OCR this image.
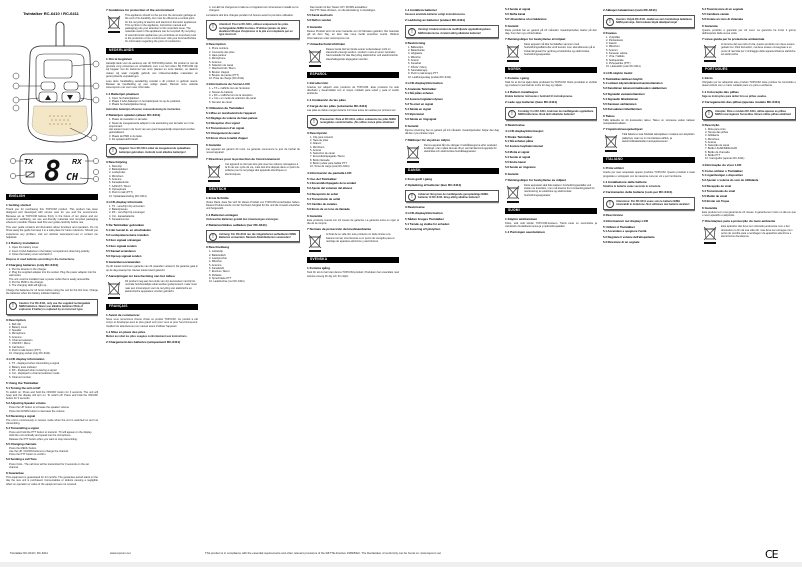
Twintalker RC-6410 / RC-6411
TX	RX
8 CH
ENGLISH
1 Getting started

Thank you for purchasing this TOPCOM product. This product has been designed and developed with utmost care for you and the environment. Because we at TOPCOM believe firmly in the future of our planet and our customers' wellbeing, we use eco-friendly materials and recycled packaging wherever possible. Please read this user guide carefully before use.

This user guide contains all information about functions and operation. Do not throw away the guide but keep it in a safe place for future reference. Should you experience any problem, visit our website www.topcom.net or contact our helpdesk.

1.1 Battery installation
1. Open the battery cover.
2. Insert 3 AAA batteries in the battery compartment observing polarity.
3. Close the battery cover and latch it.

Dispose of used batteries according to the instructions.

2 Charging batteries (only RC-6411)
1. Put the devices in the charger.
2. Plug the supplied adapter into the socket. Plug the power adapter into the wall outlet.
The unit must be installed near a power outlet that is easily accessible.
3. Put the PMR in the charger.
4. The charging LED will light up.

Charge the batteries for 14 hours before using the unit for the first time. Charge the batteries when the battery indicator flashes.

!	Caution: For RC-6411, only use the supplied rechargeable NiMH batteries. Never use alkaline batteries! Risk of explosion if battery is replaced by an incorrect type.
3 Description
1. Belt clip
2. Battery cover
3. Speaker
4. Microphone
5. Antenna
6. Channel selection
7. ON/OFF / Menu
8. Call button
9. Push to talk button (PTT)
10. Charging socket (only RC-6411)
4 LCD display information
1. TX - displayed when transmitting a signal
2. Battery level indicator
3. RX - displayed when receiving a signal
4. CH - displayed in channel selection mode
5. Channel number
5 Using the Twintalker
5.1 Turning the unit on/off

To switch on: Press and hold the ON/OFF button for 3 seconds. The unit will beep and the display will turn on. To switch off: Press and hold the ON/OFF button for 3 seconds.

5.2 Adjusting Speaker volume
Press the UP button to increase the speaker volume.
Press the DOWN button to decrease the volume.
5.3 Receiving a signal

The unit is continuously in receive mode when the unit is switched on and not transmitting.

5.4 Transmitting a signal
Press and hold the PTT button to transmit. TX will appear on the display.
Hold the unit vertically and speak into the microphone.
Release the PTT button when you want to stop transmitting.
5.5 Changing channels
Press the MENU button.
Use the UP / DOWN buttons to change the channel.
Press the PTT button to confirm.
5.6 Sending a call Tone
Press CALL. The call tone will be transmitted for 3 seconds on the set channel.
6 Guarantee

This equipment is guaranteed for 24 months. The guarantee period starts on the day the new unit is purchased. Consumables or defects causing a negligible effect on operation or value of the equipment are not covered.

7 Guidelines for protection of the environment
This appliance should not be put into the domestic garbage at the end of its durability, but must be offered at a central point for the recycling of electric and electronic domestic appliances. This symbol on the appliance, instruction manual and packaging puts your attention to this important issue. The materials used in this appliance can be recycled. By recycling of used domestic appliances you contribute an important push to the protection of our environment. Ask your local authorities for information regarding the point of recollection.
NEDERLANDS
1 Om te beginnen

Hartelijk dank voor de aankoop van dit TOPCOM-product. Dit product is met de grootste zorg ontworpen en ontwikkeld, voor u en het milieu. Bij TOPCOM zijn wij begaan met de toekomst van onze planeet en onze klanten, en daarom maken wij waar mogelijk gebruik van milieuvriendelijke materialen en gerecycleerde verpakkingen.

Lees deze handleiding aandachtig voordat u dit product in gebruik neemt. Bewaar de handleiding op een veilige plaats. Bezoek onze website www.topcom.net voor meer informatie.

1.1 Batterijen plaatsen
1. Open het batterijdeksel.
2. Plaats 3 AAA-batterijen in het batterijvak, let op de polariteit.
3. Plaats het batterijdeksel terug.

Gebruikte batterijen afvoeren overeenkomstig de instructies.

2 Batterijen opladen (alleen RC-6411)
1. Plaats de toestellen in de lader.
2. Steek de meegeleverde adapter in de aansluiting van de lader en in het stopcontact.
Het toestel moet in de buurt van een goed toegankelijk stopcontact worden geïnstalleerd.
3. Plaats de PMR in de lader.
4. De oplaad-LED brandt.
!	Opgelet: Voor RC-6411 enkel de meegeleverde oplaadbare batterijen gebruiken. Gebruik nooit alkaline batterijen!
3 Beschrijving
1. Riemclip
2. Batterijdeksel
3. Luidspreker
4. Microfoon
5. Antenne
6. Kanaalselectie
7. AAN/UIT / Menu
8. Oproeptoets
9. Push to talk (PTT)
10. Oplaadaansluiting (RC-6411)
4 LCD-display informatie
1. TX - verschijnt bij verzenden
2. Batterijniveau
3. RX - verschijnt bij ontvangen
4. CH - kanaalselectie
5. Kanaalnummer
5 De Twintalker gebruiken
5.1 Het toestel in- en uitschakelen
5.2 Luidsprekervolume instellen
5.3 Een signaal ontvangen
5.4 Een signaal zenden
5.5 Kanaal veranderen
5.6 Oproep signaal zenden
6 Garantievoorwaarden

Op dit toestel wordt een garantie van 24 maanden verleend. De garantie gaat in op de dag waarop het nieuwe toestel werd gekocht.

7 Aanwijzingen ter bescherming van het milieu
Dit product mag aan het einde van zijn levensduur niet bij het normale huishoudelijke afval worden gedeponeerd, maar moet naar een inzamelpunt voor de recycling van elektrische en elektronische apparatuur worden gebracht.
FRANÇAIS
1 Avant de commencer

Nous vous remercions d'avoir choisi ce produit TOPCOM. Ce produit a été conçu et développé avec le plus grand soin pour vous et pour l'environnement. Veuillez lire attentivement ce manuel avant d'utiliser l'appareil.

1.1 Mise en place des piles

Mettez au rebut les piles usagées conformément aux instructions.

2 Chargement des batteries (uniquement RC-6411)
4. La LED de chargement s'allume et l'appareil est correctement installé sur le chargeur.

La batterie doit être chargée pendant 14 heures avant la première utilisation.

!	Attention! Pour le RC-6411, utilisez uniquement les piles rechargeables NiMH fournies. N'utilisez jamais de piles alcalines! Risque d'explosion si la pile est remplacée par un type incorrect.
3 Description
1. Pince ceinture
2. Couvercle des piles
3. Haut-parleur
4. Microphone
5. Antenne
6. Sélection de canal
7. Marche/Arrêt / Menu
8. Bouton d'appel
9. Bouton de parole (PTT)
10. Prise de charge (RC-6411)
4 Informations de l'écran LCD
1. « TX » s'affiche lors de l'émission
2. Niveau de batterie
3. « RX » s'affiche lors de la réception
4. « CH » en mode de sélection de canal
5. Numéro de canal
5 Utilisation du Twintalker
5.1 Mise en marche/arrêt de l'appareil
5.2 Réglage du volume du haut-parleur
5.3 Réception d'un signal
5.4 Transmission d'un signal
5.5 Changement de canal
5.6 Envoi d'une tonalité d'appel
6 Garantie

Cet appareil est garanti 24 mois. La garantie commence le jour de l'achat du nouvel appareil.

7 Directives pour la protection de l'environnement
Cet appareil ne doit pas être jeté avec les ordures ménagères à la fin de son cycle de vie, mais doit être déposé dans un point de collecte pour le recyclage des appareils électriques et électroniques.
DEUTSCH
1 Erste Schritte

Vielen Dank, dass Sie sich für dieses Produkt von TOPCOM entschieden haben. Dieses Produkt wurde mit der höchsten Sorgfalt für Sie und die Umwelt entworfen und hergestellt.

1.1 Batterien einlegen

Verbrauchte Batterien gemäß den Anweisungen entsorgen.

2 Batterien/Akkus aufladen (nur RC-6411)
!	Achtung: Für RC-6411 nur die mitgelieferten aufladbaren NiMH Batterien verwenden. Niemals Alkali-Batterien verwenden!
3 Beschreibung
1. Gürtelclip
2. Batteriefach
3. Lautsprecher
4. Mikrofon
5. Antenne
6. Kanalwahl
7. Ein/Aus / Menü
8. Ruftaste
9. Sprechtaste PTT
10. Ladebuchse (nur RC-6411)
Das Gerät mit den Tasten UP / DOWN auswählen.
Die PTT-Taste drücken, um die Einstellung zu bestätigen.
5.5 Kanal wechseln
5.6 Rufton senden
6 Garantie

Dieses Produkt wird mit einer Garantie von 24 Monaten geliefert. Die Garantie gilt ab dem Tag, an dem das neue Gerät erworben wurde. Weitere Informationen unter www.topcom.net.

7 Umweltschutzrichtlinien
Dieses Gerät darf am Ende seiner Lebensdauer nicht im Hausmüll entsorgt werden, sondern muss an einer zentralen Sammelstelle für das Recycling elektrischer und elektronischer Haushaltsgeräte abgegeben werden.
ESPAÑOL
1 Introducción

Gracias por adquirir este producto de TOPCOM. Este producto ha sido diseñado y desarrollado con el mayor cuidado para usted y para el medio ambiente.

1.1 Instalación de las pilas
2 Carga de las pilas (solamente RC-6411)

Las pilas se deben cargar durante 14 horas antes de usarlas por primera vez.

!	Precaución: Para el RC-6411, utilice solamente las pilas NiMH recargables suministradas. ¡No utilice nunca pilas alcalinas!
3 Descripción
1. Clip para cinturón
2. Tapa de pilas
3. Altavoz
4. Micrófono
5. Antena
6. Selección de canal
7. Encendido/apagado / Menú
8. Botón llamada
9. Botón pulsar para hablar PTT
10. Toma de carga (solo RC-6411)
4 Información de pantalla LCD
5 Uso del Twintalker
5.1 Encendido/Apagado de la unidad
5.2 Ajuste del volumen del altavoz
5.3 Recepción de señal
5.4 Transmisión de señal
5.5 Cambio de canales
5.6 Envío de un tono de llamada
6 Garantía

Este producto cuenta con 24 meses de garantía. La garantía entra en vigor el día de la compra.

7 Normas de protección del medioambiente
Al final de su vida útil, este producto no debe tirarse a la basura normal, sino llevarse a un punto de recogida para el reciclaje de aparatos eléctricos y electrónicos.
SVENSKA
1 Komma igång

Tack för att du har köpt denna TOPCOM-produkt. Produkten har utvecklats med största omsorg för dig och för miljön.

1.1 Installera batterier

Kassera använda batterier enligt instruktionerna.

2 Laddning av batterier (endast RC-6411)
!	Varning! Använd endast de medföljande uppladdningsbara NiMH-batterierna. Använd aldrig alkaliska batterier!
3 Beskrivning
1. Bältesclips
2. Batterilucka
3. Högtalare
4. Mikrofon
5. Antenn
6. Kanalval
7. PÅ/AV / Meny
8. Samtalsknapp
9. Push to talk-knapp PTT
10. Laddningsuttag (endast RC-6411)
4 LCD-displayinformation
5 Använda Twintalker
5.1 Slå på/av enheten
5.2 Justera högtalarvolymen
5.3 Ta emot en signal
5.4 Sända en signal
5.5 Byta kanal
5.6 Sända en ringsignal
6 Garanti

Denna utrustning har en garanti på 24 månader. Garantiperioden börjar den dag då den nya enheten köps.

7 Riktlinjer för skydd av miljön
Denna apparat får inte slängas i hushållssoporna efter avslutad livslängd, utan måste lämnas till en central återvinningsplats för elektriska och elektroniska hushållsapparater.
DANSK
1 Kom godt i gang
2 Opladning af batterier (kun RC-6411)
!	Advarsel: Brug kun de medfølgende genopladelige NiMH-batterier til RC-6411. Brug aldrig alkaline batterier!
3 Beskrivelse
4 LCD-displayinformation
5 Sådan bruges Twintalker
5.1 Tænde og slukke for enheden
5.2 Justering af lydstyrken
5.4 Sende et signal
5.5 Skifte kanal
5.6 Udsendelse af en kaldetone
6 Garanti

Dette produkt har en garanti på 24 måneder. Garantiperioden starter på den dag, hvor den nye enhed købes.

7 Retningslinjer for beskyttelse af miljøet
Dette apparat må ikke bortskaffes sammen med husholdningsaffald efter endt levetid, men skal afleveres på et indsamlingssted for genbrug af elektriske og elektroniske husholdningsapparater.
NORSK
1 Komme i gang

Takk for at du har kjøpt dette produktet fra TOPCOM. Dette produktet er utviklet og produsert med største omhu for deg og miljøet.

1.1 Batteri-installasjon

Brukte batterier må kastes i henhold til instruksjonene.

2 Lade opp batterier (bare RC-6411)
!	Forsiktig: For RC-6411, bruk kun de medfølgende oppladbare NiMH-batteriene. Bruk aldri alkaliske batterier!
3 Beskrivelse
4 LCD-displayinformasjon
5 Bruke Twintalker
5.1 Slå enheten på/av
5.2 Justere høyttalervolumet
5.3 Motta et signal
5.4 Sende et signal
5.5 Endre kanal
5.6 Sende en ringetone
6 Garanti
7 Retningslinjer for beskyttelse av miljøet
Dette apparatet skal ikke kastes i husholdningsavfallet ved slutten av levetiden, men må leveres til et innsamlingssted for resirkulering av elektriske og elektroniske husholdningsapparater.
SUOMI
1 Käytön aloittaminen

Kiitos, että ostit tämän TOPCOM-tuotteen. Tämä tuote on suunniteltu ja valmistettu huolellisesti sinua ja ympäristöä ajatellen.

1.1 Paristojen asentaminen
2 Akkujen lataaminen (vain RC-6411)
!	Huomio: Käytä RC-6411 -malleissa vain toimitettuja ladattavia NiMH-paristoja. Älä koskaan käytä alkaliparistoja!
3 Kuvaus
1. Vyöpidike
2. Paristokansi
3. Kaiutin
4. Mikrofoni
5. Antenni
6. Kanavan valinta
7. Virta / Valikko
8. Soittopainike
9. Puhepainike (PTT)
10. Latausliitin (vain RC-6411)
4 LCD-näytön tiedot
5 Twintalker-laitteen käyttö
5.1 Laitteen käynnistäminen/sammuttaminen
5.2 Kaiuttimen äänenvoimakkuuden säätäminen
5.3 Signaalin vastaanottaminen
5.4 Signaalin lähettäminen
5.5 Kanavan vaihtaminen
5.6 Kutsuäänen lähettäminen
6 Takuu

Tällä laitteella on 24 kuukauden takuu. Takuu on voimassa uuden laitteen ostopäivästä alkaen.

7 Ympäristönsuojeluohjeet
Tätä laitetta ei saa hävittää talousjätteen mukana sen käyttöiän päätyttyä, vaan se on toimitettava sähkö- ja elektroniikkalaitteiden keräyspisteeseen.
ITALIANO
1 Primi utilizzi

Grazie per aver acquistato questo prodotto TOPCOM. Questo prodotto è stato progettato e sviluppato con la massima cura per voi e per l'ambiente.

1.1 Installazione delle batterie

Smaltire le batterie usate secondo le istruzioni.

2 Caricamento delle batterie (solo per RC-6411)
!	Attenzione: Per RC-6411 usare solo le batterie NiMH ricaricabili in dotazione. Non utilizzare mai batterie alcaline!
3 Descrizione
4 Informazioni sul display LCD
5 Utilizzo il Twintalker
5.1 Accendere e spegnere l'unità
5.2 Regolare il volume dell'altoparlante
5.3 Ricezione di un segnale
5.4 Trasmissione di un segnale
5.5 Cambiare canale
5.6 Inviare un tono di chiamata
6 Garanzia

Questo prodotto è garantito per 24 mesi. La garanzia ha inizio il giorno dell'acquisto della nuova unità.

7 Linee guida per la protezione ambientale
Al termine del suo ciclo di vita, questo prodotto non deve essere gettato tra i rifiuti domestici, ma deve essere consegnato a un punto di raccolta per il riciclaggio delle apparecchiature elettriche ed elettroniche.
PORTUGUÊS
1 Início

Obrigado por ter adquirido este produto TOPCOM. Este produto foi concebido e desenvolvido com o maior cuidado para si e para o ambiente.

1.1 Colocação das pilhas

Siga as instruções para deitar fora as pilhas usadas.

2 Carregamento das pilhas (apenas modelo RC-6411)
!	Atenção: Para o modelo RC-6411, utilize apenas as pilhas NiMH recarregáveis fornecidas. Nunca utilize pilhas alcalinas!
3 Descrição
1. Mola para cinto
2. Tampa das pilhas
3. Altifalante
4. Microfone
5. Antena
6. Selecção de canal
7. Botão LIGAR/DESLIGAR
8. Botão de chamada
9. Botão PTT
10. Carregador (apenas RC-6411)
4 Informação do visor LCD
5 Como utilizar o Twintalker
5.1 Ligar/desligar o dispositivo
5.2 Ajustar o volume do som do Altifalante
5.3 Recepção de sinal
5.4 Transmissão de sinal
5.5 Mudar de canal
5.6 Enviar um Toque
6 Garantia

Este produto tem uma garantia de 24 meses. A garantia tem início no dia em que o novo aparelho é adquirido.

7 Orientações para a protecção do meio ambiente
Este aparelho não deve ser colocado juntamente com o lixo doméstico no fim da sua vida útil, mas deve ser entregue num ponto de recolha para a reciclagem de aparelhos eléctricos e electrónicos domésticos.
Twintalker RC-6410 / RC-6411	www.topcom.net	This product is in compliance with the essential requirements and other relevant provisions of the R&TTE directive 1999/5/EC. The Declaration of conformity can be found on: www.topcom.net	CE
